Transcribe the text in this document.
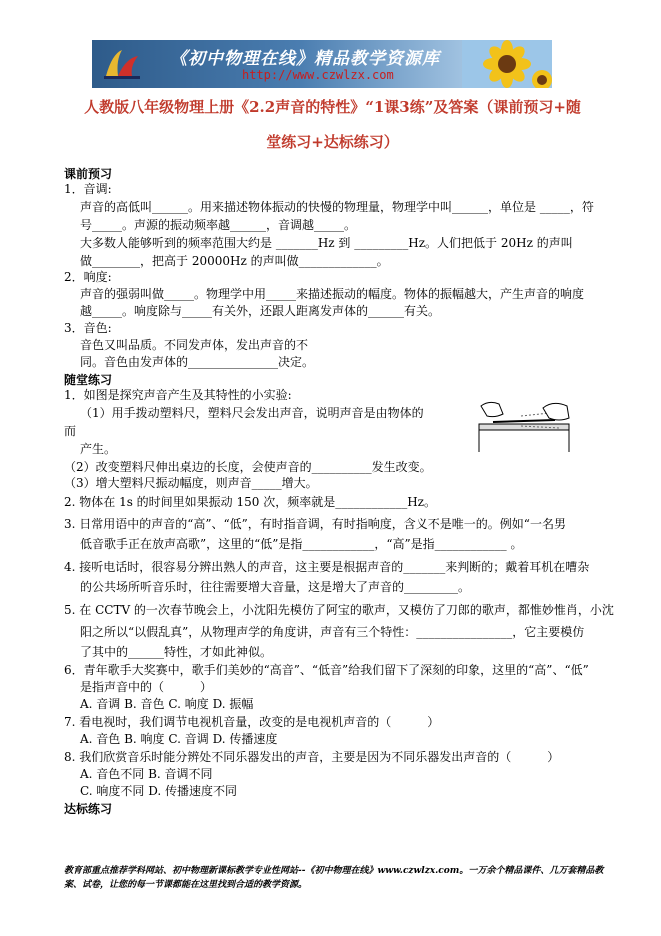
《初中物理在线》精品教学资源库
http://www.czwlzx.com
人教版八年级物理上册《2.2声音的特性》“1课3练”及答案（课前预习+随
堂练习+达标练习）
课前预习
1．音调:
声音的高低叫______。用来描述物体振动的快慢的物理量，物理学中叫______，单位是 _____，符
号_____。声源的振动频率越______，音调越_____。
大多数人能够听到的频率范围大约是 _______Hz 到 _________Hz。人们把低于 20Hz 的声叫
做________，把高于 20000Hz 的声叫做_____________。
2．响度:
声音的强弱叫做_____。物理学中用_____来描述振动的幅度。物体的振幅越大，产生声音的响度
越_____。响度除与_____有关外，还跟人距离发声体的______有关。
3．音色:
音色又叫品质。不同发声体，发出声音的不
同。音色由发声体的_______________决定。
随堂练习
1．如图是探究声音产生及其特性的小实验:
（1）用手拨动塑料尺，塑料尺会发出声音，说明声音是由物体的
而
产生。
（2）改变塑料尺伸出桌边的长度，会使声音的__________发生改变。
（3）增大塑料尺振动幅度，则声音_____增大。
2. 物体在 1s 的时间里如果振动 150 次，频率就是____________Hz。
3. 日常用语中的声音的“高”、“低”，有时指音调，有时指响度，含义不是唯一的。例如“一名男
低音歌手正在放声高歌”，这里的“低”是指____________，“高”是指____________ 。
4. 接听电话时，很容易分辨出熟人的声音，这主要是根据声音的_______来判断的；戴着耳机在嘈杂
的公共场所听音乐时，往往需要增大音量，这是增大了声音的_________。
5. 在 CCTV 的一次春节晚会上，小沈阳先模仿了阿宝的歌声，又模仿了刀郎的歌声，都惟妙惟肖，小沈
阳之所以“以假乱真”，从物理声学的角度讲，声音有三个特性：________________，它主要模仿
了其中的______特性，才如此神似。
6．青年歌手大奖赛中，歌手们美妙的“高音”、“低音”给我们留下了深刻的印象，这里的“高”、“低”
是指声音中的（　　　）
A. 音调 B. 音色 C. 响度 D. 振幅
7. 看电视时，我们调节电视机音量，改变的是电视机声音的（　　　）
A. 音色 B. 响度 C. 音调 D. 传播速度
8. 我们欣赏音乐时能分辨处不同乐器发出的声音，主要是因为不同乐器发出声音的（　　　）
A. 音色不同 B. 音调不同
C. 响度不同 D. 传播速度不同
达标练习
教育部重点推荐学科网站、初中物理新课标教学专业性网站--《初中物理在线》www.czwlzx.com。一万余个精品课件、几万套精品教案、试卷，让您的每一节课都能在这里找到合适的教学资源。
